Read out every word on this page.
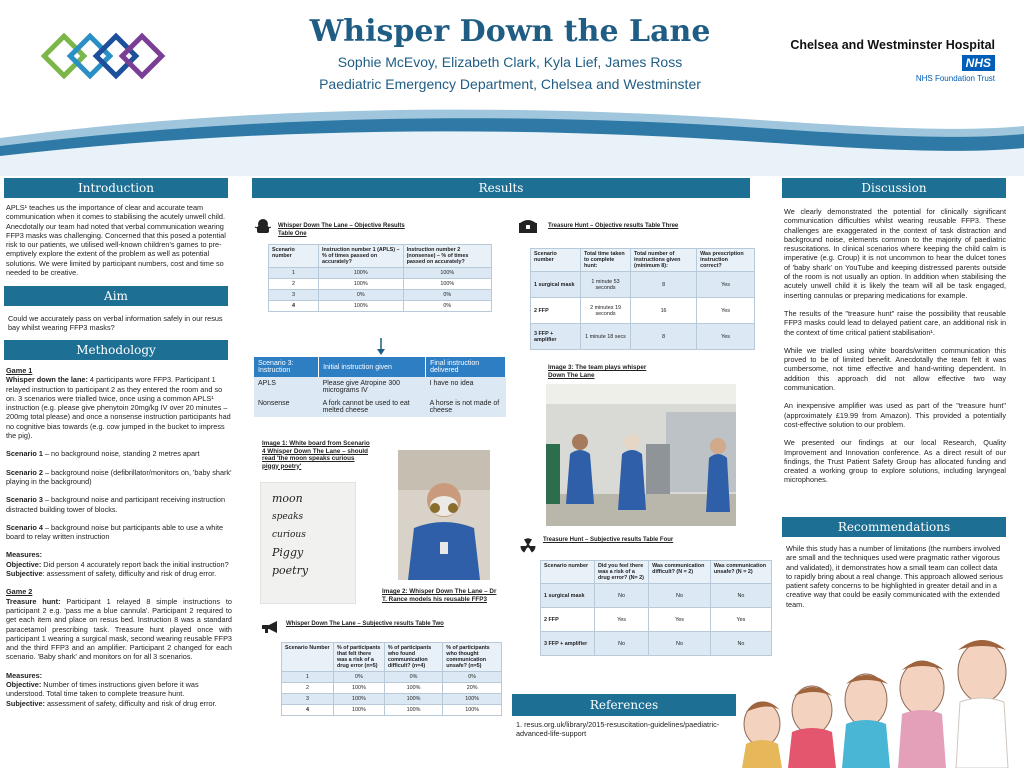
Whisper Down the Lane
Sophie McEvoy, Elizabeth Clark, Kyla Lief, James Ross
Paediatric Emergency Department, Chelsea and Westminster
Chelsea and Westminster HospitalNHS
NHS Foundation Trust
Introduction
APLS¹ teaches us the importance of clear and accurate team communication when it comes to stabilising the acutely unwell child. Anecdotally our team had noted that verbal communication wearing FFP3 masks was challenging. Concerned that this posed a potential risk to our patients, we utilised well-known children's games to pre-emptively explore the extent of the problem as well as potential solutions. We were limited by participant numbers, cost and time so needed to be creative.
Aim
Could we accurately pass on verbal information safely in our resus bay whilst wearing FFP3 masks?
Methodology
Game 1

Whisper down the lane: 4 participants wore FFP3. Participant 1 relayed instruction to participant 2 as they entered the room and so on. 3 scenarios were trialled twice, once using a common APLS¹ instruction (e.g. please give phenytoin 20mg/kg IV over 20 minutes – 200mg total please) and once a nonsense instruction participants had no cognitive bias towards (e.g. cow jumped in the bucket to impress the pig).

Scenario 1 – no background noise, standing 2 metres apart

Scenario 2 – background noise (defibrillator/monitors on, 'baby shark' playing in the background)

Scenario 3 – background noise and participant receiving instruction distracted building tower of blocks.

Scenario 4 – background noise but participants able to use a white board to relay written instruction

Measures:
Objective: Did person 4 accurately report back the initial instruction?

Subjective: assessment of safety, difficulty and risk of drug error.

Game 2

Treasure hunt: Participant 1 relayed 8 simple instructions to participant 2 e.g. 'pass me a blue cannula'. Participant 2 required to get each item and place on resus bed. Instruction 8 was a standard paracetamol prescribing task. Treasure hunt played once with participant 1 wearing a surgical mask, second wearing reusable FFP3 and the third FFP3 and an amplifier. Participant 2 changed for each scenario. 'Baby shark' and monitors on for all 3 scenarios.

Measures:
Objective: Number of times instructions given before it was understood. Total time taken to complete treasure hunt.
Subjective: assessment of safety, difficulty and risk of drug error.
Results
Whisper Down The Lane – Objective Results Table One
Scenario number	Instruction number 1 (APLS) – % of times passed on accurately?	Instruction number 2 (nonsense) – % of times passed on accurately?
1	100%	100%
2	100%	100%
3	0%	0%
4	100%	0%
Scenario 3: Instruction	Initial instruction given	Final instruction delivered
APLS	Please give Atropine 300 micrograms IV	I have no idea
Nonsense	A fork cannot be used to eat melted cheese	A horse is not made of cheese
Image 1: White board from Scenario 4 Whisper Down The Lane – should read 'the moon speaks curious piggy poetry'
moon
speaks
curious
Piggy
poetry
Image 2: Whisper Down The Lane – Dr T. Rance models his reusable FFP3
Whisper Down The Lane – Subjective results Table Two
Scenario Number	% of participants that felt there was a risk of a drug error (n=5)	% of participants who found communication difficult? (n=4)	% of participants who thought communication unsafe? (n=5)
1	0%	0%	0%
2	100%	100%	20%
3	100%	100%	100%
4	100%	100%	100%
Treasure Hunt – Objective results Table Three
Scenario number	Total time taken to complete hunt:	Total number of instructions given (minimum 8):	Was prescription instruction correct?
1 surgical mask	1 minute 53 seconds	8	Yes
2 FFP	2 minutes 19 seconds	16	Yes
3 FFP + amplifier	1 minute 18 secs	8	Yes
Image 3: The team plays whisper Down The Lane
Treasure Hunt – Subjective results Table Four
Scenario number	Did you feel there was a risk of a drug error? (N= 2)	Was communication difficult? (N = 2)	Was communication unsafe? (N = 2)
1 surgical mask	No	No	No
2 FFP	Yes	Yes	Yes
3 FFP + amplifier	No	No	No
References
1. resus.org.uk/library/2015-resuscitation-guidelines/paediatric-advanced-life-support
Discussion

We clearly demonstrated the potential for clinically significant communication difficulties whilst wearing reusable FFP3. These challenges are exaggerated in the context of task distraction and background noise, elements common to the majority of paediatric resuscitations. In clinical scenarios where keeping the child calm is imperative (e.g. Croup) it is not uncommon to hear the dulcet tones of 'baby shark' on YouTube and keeping distressed parents outside of the room is not usually an option. In addition when stabilising the acutely unwell child it is likely the team will all be task engaged, inserting cannulas or preparing medications for example.

The results of the "treasure hunt" raise the possibility that reusable FFP3 masks could lead to delayed patient care, an additional risk in the context of time critical patient stabilisation¹.

While we trialled using white boards/written communication this proved to be of limited benefit. Anecdotally the team felt it was cumbersome, not time effective and hand-writing dependent. In addition this approach did not allow effective two way communication.

An inexpensive amplifier was used as part of the "treasure hunt" (approximately £19.99 from Amazon). This provided a potentially cost-effective solution to our problem.

We presented our findings at our local Research, Quality Improvement and Innovation conference. As a direct result of our findings, the Trust Patient Safety Group has allocated funding and created a working group to explore solutions, including laryngeal microphones.

Recommendations
While this study has a number of limitations (the numbers involved are small and the techniques used were pragmatic rather vigorous and validated), it demonstrates how a small team can collect data to rapidly bring about a real change. This approach allowed serious patient safety concerns to be highlighted in greater detail and in a creative way that could be easily communicated with the extended team.
